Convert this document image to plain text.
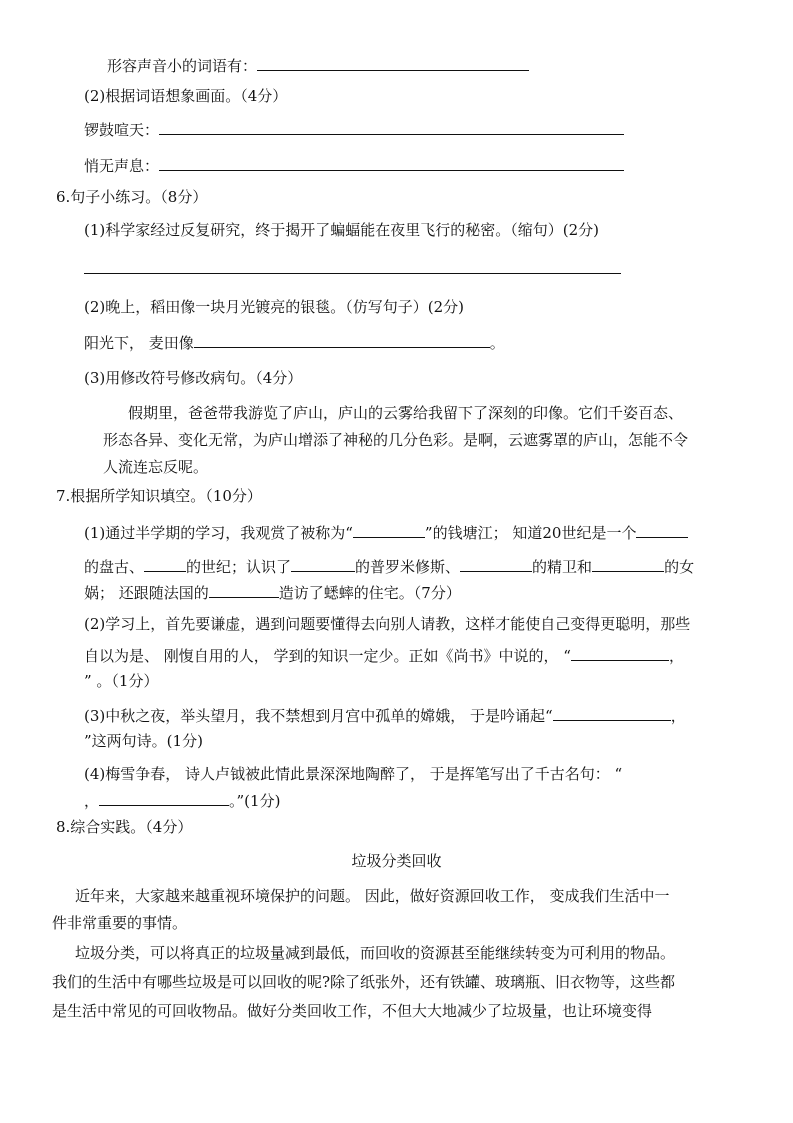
形容声音小的词语有：
(2)根据词语想象画面。（4分）
锣鼓喧天：
悄无声息：
6.句子小练习。（8分）
(1)科学家经过反复研究，终于揭开了蝙蝠能在夜里飞行的秘密。（缩句）(2分)
(2)晚上，稻田像一块月光镀亮的银毯。（仿写句子）(2分)
阳光下， 麦田像	。
(3)用修改符号修改病句。（4分）
假期里，爸爸带我游览了庐山，庐山的云雾给我留下了深刻的印像。它们千姿百态、
形态各异、变化无常，为庐山增添了神秘的几分色彩。是啊，云遮雾罩的庐山，怎能不令
人流连忘反呢。
7.根据所学知识填空。（10分）
(1)通过半学期的学习，我观赏了被称为“	”的钱塘江； 知道20世纪是一个
的盘古、	的世纪；认识了	的普罗米修斯、	的精卫和	的女
娲； 还跟随法国的	造访了蟋蟀的住宅。（7分）
(2)学习上，首先要谦虚，遇到问题要懂得去向别人请教，这样才能使自己变得更聪明，那些
自以为是、 刚愎自用的人， 学到的知识一定少。正如《尚书》中说的， “	，
” 。（1分）
(3)中秋之夜，举头望月，我不禁想到月宫中孤单的嫦娥， 于是吟诵起“	，
”这两句诗。(1分)
(4)梅雪争春， 诗人卢钺被此情此景深深地陶醉了， 于是挥笔写出了千古名句： “
，	。”(1分)
8.综合实践。（4分）
垃圾分类回收
近年来，大家越来越重视环境保护的问题。 因此，做好资源回收工作， 变成我们生活中一
件非常重要的事情。
垃圾分类，可以将真正的垃圾量减到最低，而回收的资源甚至能继续转变为可利用的物品。
我们的生活中有哪些垃圾是可以回收的呢?除了纸张外，还有铁罐、玻璃瓶、旧衣物等，这些都
是生活中常见的可回收物品。做好分类回收工作，不但大大地减少了垃圾量，也让环境变得
